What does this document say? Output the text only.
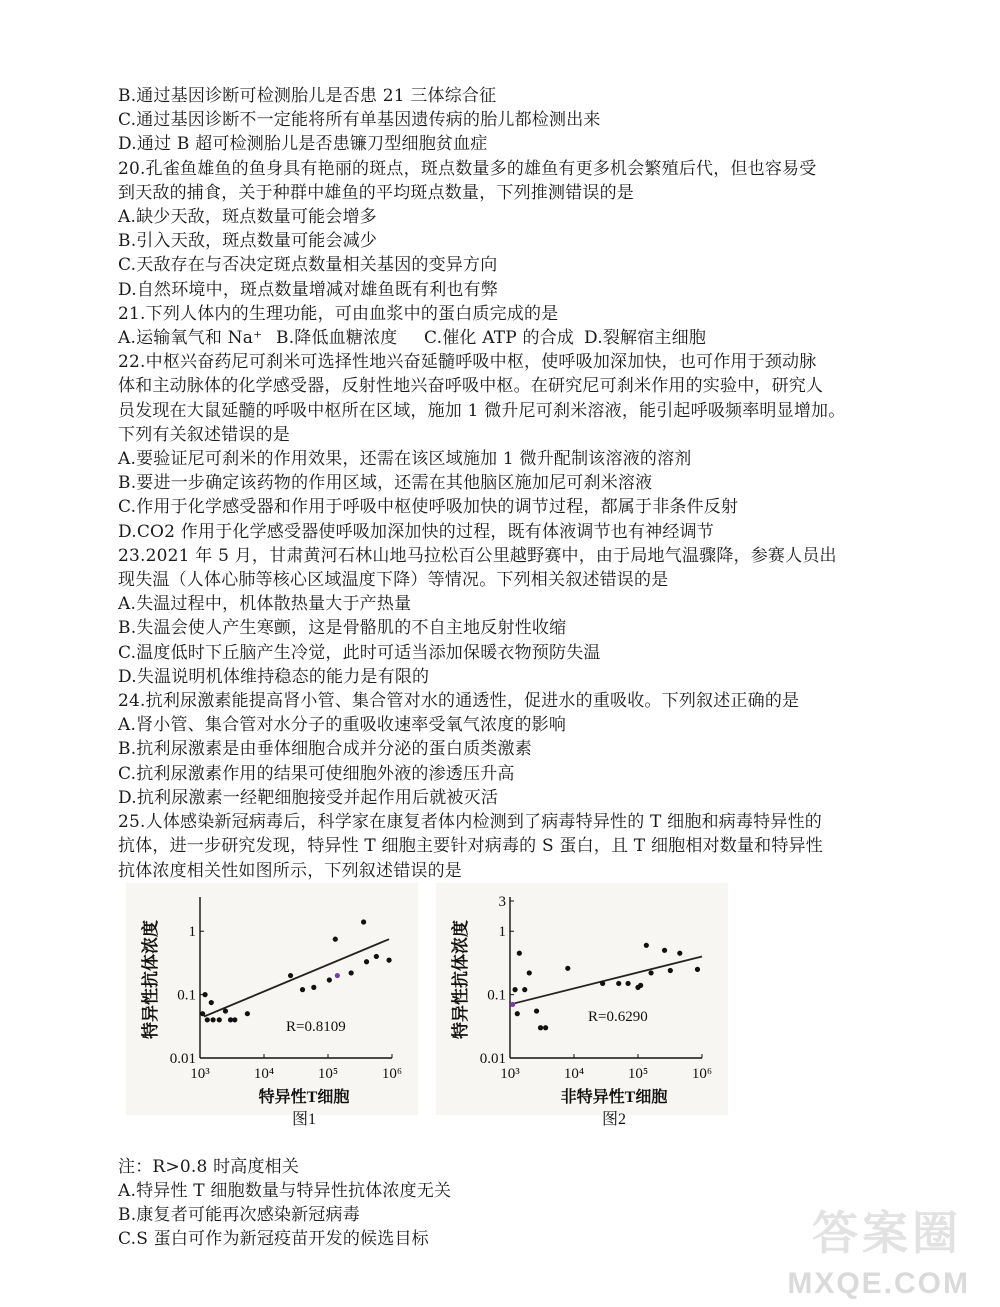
B.通过基因诊断可检测胎儿是否患 21 三体综合征
C.通过基因诊断不一定能将所有单基因遗传病的胎儿都检测出来
D.通过 B 超可检测胎儿是否患镰刀型细胞贫血症
20.孔雀鱼雄鱼的鱼身具有艳丽的斑点，斑点数量多的雄鱼有更多机会繁殖后代，但也容易受
到天敌的捕食，关于种群中雄鱼的平均斑点数量，下列推测错误的是
A.缺少天敌，斑点数量可能会增多
B.引入天敌，斑点数量可能会减少
C.天敌存在与否决定斑点数量相关基因的变异方向
D.自然环境中，斑点数量增减对雄鱼既有利也有弊
21.下列人体内的生理功能，可由血浆中的蛋白质完成的是
A.运输氧气和 Na⁺ B.降低血糖浓度 C.催化 ATP 的合成 D.裂解宿主细胞
22.中枢兴奋药尼可刹米可选择性地兴奋延髓呼吸中枢，使呼吸加深加快，也可作用于颈动脉
体和主动脉体的化学感受器，反射性地兴奋呼吸中枢。在研究尼可刹米作用的实验中，研究人
员发现在大鼠延髓的呼吸中枢所在区域，施加 1 微升尼可刹米溶液，能引起呼吸频率明显增加。
下列有关叙述错误的是
A.要验证尼可刹米的作用效果，还需在该区域施加 1 微升配制该溶液的溶剂
B.要进一步确定该药物的作用区域，还需在其他脑区施加尼可刹米溶液
C.作用于化学感受器和作用于呼吸中枢使呼吸加快的调节过程，都属于非条件反射
D.CO2 作用于化学感受器使呼吸加深加快的过程，既有体液调节也有神经调节
23.2021 年 5 月，甘肃黄河石林山地马拉松百公里越野赛中，由于局地气温骤降，参赛人员出
现失温（人体心肺等核心区域温度下降）等情况。下列相关叙述错误的是
A.失温过程中，机体散热量大于产热量
B.失温会使人产生寒颤，这是骨骼肌的不自主地反射性收缩
C.温度低时下丘脑产生冷觉，此时可适当添加保暖衣物预防失温
D.失温说明机体维持稳态的能力是有限的
24.抗利尿激素能提高肾小管、集合管对水的通透性，促进水的重吸收。下列叙述正确的是
A.肾小管、集合管对水分子的重吸收速率受氧气浓度的影响
B.抗利尿激素是由垂体细胞合成并分泌的蛋白质类激素
C.抗利尿激素作用的结果可使细胞外液的渗透压升高
D.抗利尿激素一经靶细胞接受并起作用后就被灭活
25.人体感染新冠病毒后，科学家在康复者体内检测到了病毒特异性的 T 细胞和病毒特异性的
抗体，进一步研究发现，特异性 T 细胞主要针对病毒的 S 蛋白，且 T 细胞相对数量和特异性
抗体浓度相关性如图所示，下列叙述错误的是
1
0.1
0.01
10³	10⁴	10⁵	10⁶
R=0.8109
特异性抗体浓度
特异性T细胞
图1
3
1
0.1
0.01
10³	10⁴	10⁵	10⁶
R=0.6290
特异性抗体浓度
非特异性T细胞
图2
注：R>0.8 时高度相关
A.特异性 T 细胞数量与特异性抗体浓度无关
B.康复者可能再次感染新冠病毒
C.S 蛋白可作为新冠疫苗开发的候选目标	答案圈
MXQE.COM
